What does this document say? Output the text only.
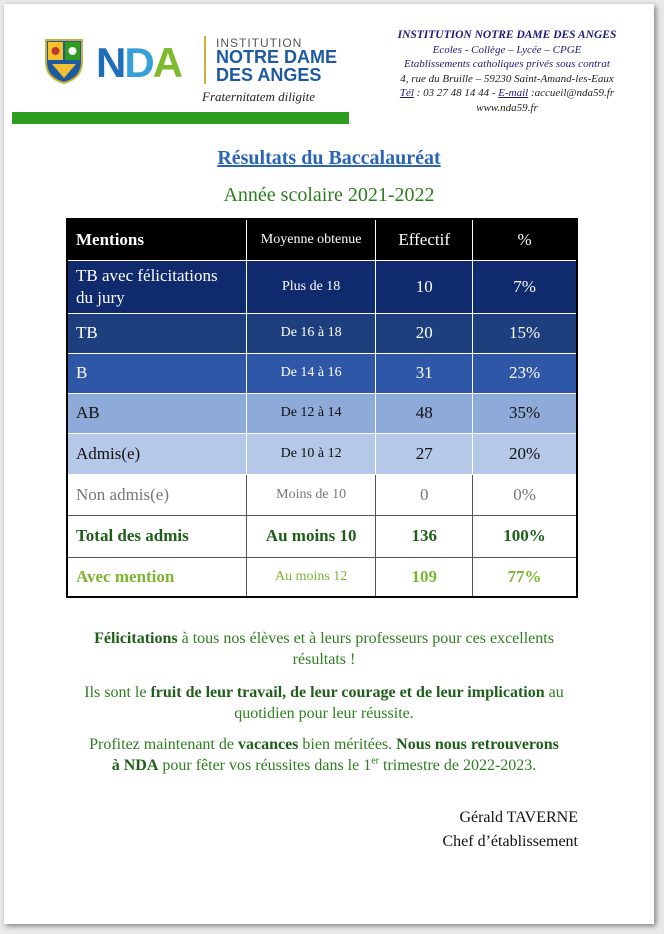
NDA	INSTITUTION
NOTRE DAME
DES ANGES
Fraternitatem diligite
INSTITUTION NOTRE DAME DES ANGES
Ecoles - Collège – Lycée – CPGE
Etablissements catholiques privés sous contrat
4, rue du Bruille – 59230 Saint-Amand-les-Eaux
Tél : 03 27 48 14 44 - E-mail :accueil@nda59.fr
www.nda59.fr
Résultats du Baccalauréat
Année scolaire 2021-2022
Mentions	Moyenne obtenue	Effectif	%
TB avec félicitations du jury	Plus de 18	10	7%
TB	De 16 à 18	20	15%
B	De 14 à 16	31	23%
AB	De 12 à 14	48	35%
Admis(e)	De 10 à 12	27	20%
Non admis(e)	Moins de 10	0	0%
Total des admis	Au moins 10	136	100%
Avec mention	Au moins 12	109	77%
Félicitations à tous nos élèves et à leurs professeurs pour ces excellents résultats !
Ils sont le fruit de leur travail, de leur courage et de leur implication au quotidien pour leur réussite.
Profitez maintenant de vacances bien méritées. Nous nous retrouverons à NDA pour fêter vos réussites dans le 1er trimestre de 2022-2023.
Gérald TAVERNE
Chef d’établissement
